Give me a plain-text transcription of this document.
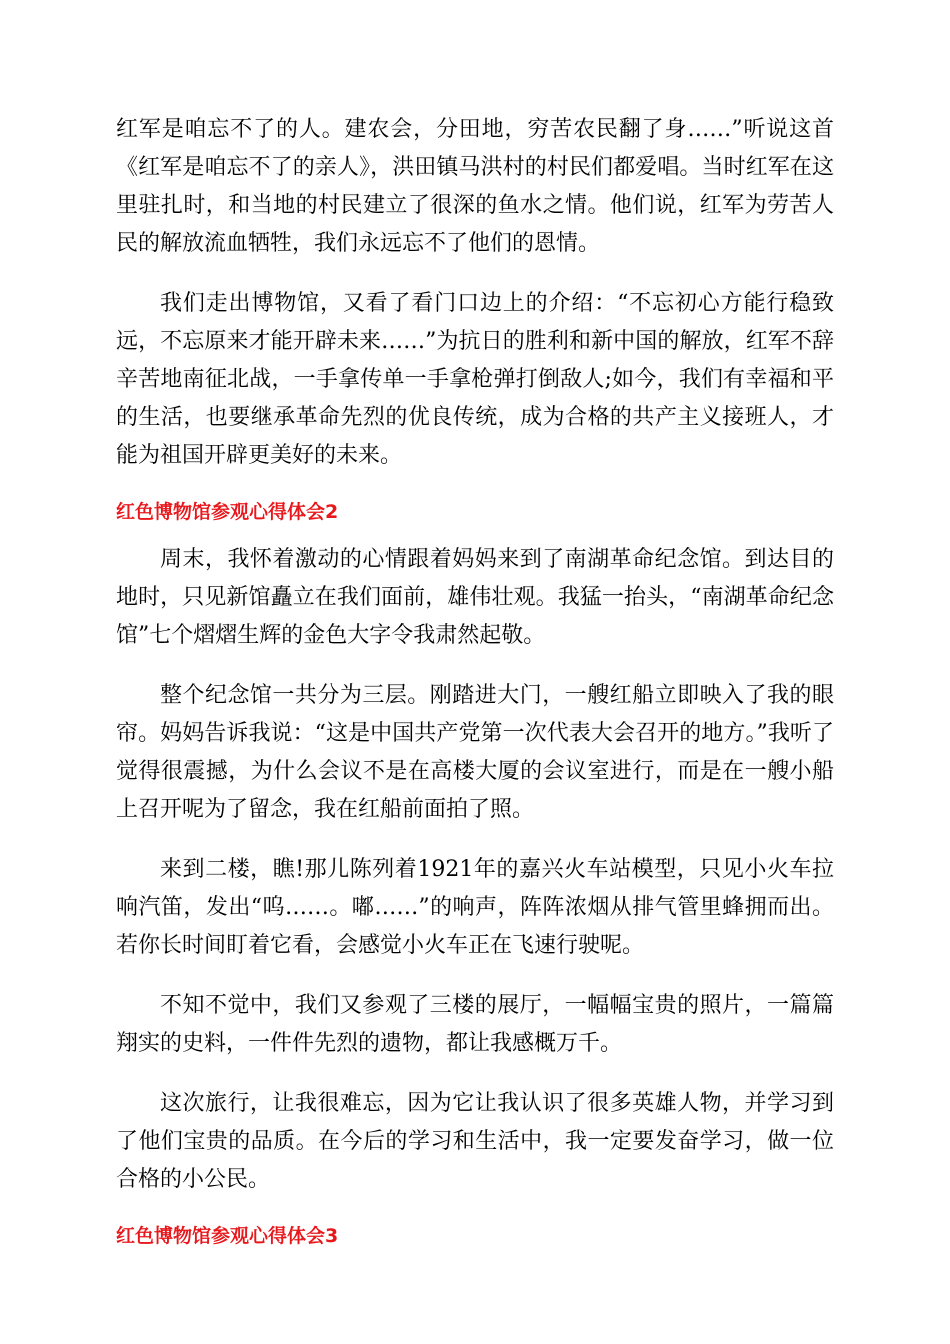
红军是咱忘不了的人。建农会，分田地，穷苦农民翻了身……”听说这首《红军是咱忘不了的亲人》，洪田镇马洪村的村民们都爱唱。当时红军在这里驻扎时，和当地的村民建立了很深的鱼水之情。他们说，红军为劳苦人民的解放流血牺牲，我们永远忘不了他们的恩情。

我们走出博物馆，又看了看门口边上的介绍：“不忘初心方能行稳致远，不忘原来才能开辟未来……”为抗日的胜利和新中国的解放，红军不辞辛苦地南征北战，一手拿传单一手拿枪弹打倒敌人;如今，我们有幸福和平的生活，也要继承革命先烈的优良传统，成为合格的共产主义接班人，才能为祖国开辟更美好的未来。

红色博物馆参观心得体会2

周末，我怀着激动的心情跟着妈妈来到了南湖革命纪念馆。到达目的地时，只见新馆矗立在我们面前，雄伟壮观。我猛一抬头，“南湖革命纪念馆”七个熠熠生辉的金色大字令我肃然起敬。

整个纪念馆一共分为三层。刚踏进大门，一艘红船立即映入了我的眼帘。妈妈告诉我说：“这是中国共产党第一次代表大会召开的地方。”我听了觉得很震撼，为什么会议不是在高楼大厦的会议室进行，而是在一艘小船上召开呢为了留念，我在红船前面拍了照。

来到二楼，瞧!那儿陈列着1921年的嘉兴火车站模型，只见小火车拉响汽笛，发出“呜……。嘟……”的响声，阵阵浓烟从排气管里蜂拥而出。若你长时间盯着它看，会感觉小火车正在飞速行驶呢。

不知不觉中，我们又参观了三楼的展厅，一幅幅宝贵的照片，一篇篇翔实的史料，一件件先烈的遗物，都让我感概万千。

这次旅行，让我很难忘，因为它让我认识了很多英雄人物，并学习到了他们宝贵的品质。在今后的学习和生活中，我一定要发奋学习，做一位合格的小公民。

红色博物馆参观心得体会3
